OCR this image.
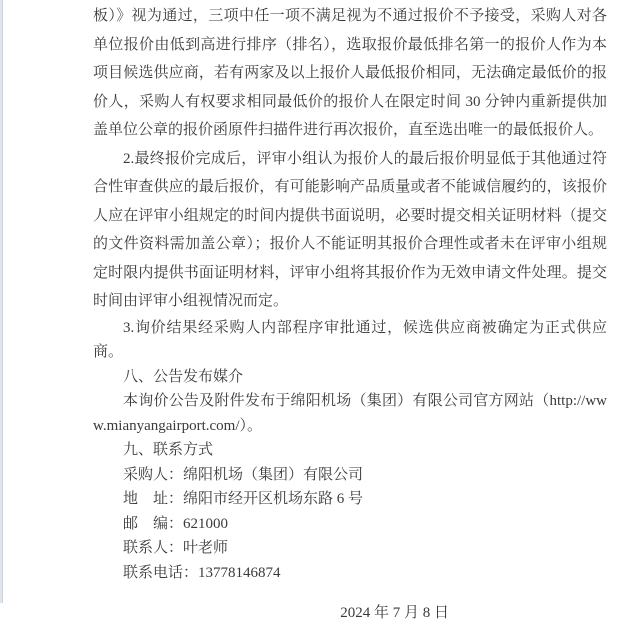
板）》视为通过，三项中任一项不满足视为不通过报价不予接受，采购人对各单位报价由低到高进行排序（排名），选取报价最低排名第一的报价人作为本项目候选供应商，若有两家及以上报价人最低报价相同，无法确定最低价的报价人，采购人有权要求相同最低价的报价人在限定时间 30 分钟内重新提供加盖单位公章的报价函原件扫描件进行再次报价，直至选出唯一的最低报价人。

2.最终报价完成后，评审小组认为报价人的最后报价明显低于其他通过符合性审查供应的最后报价，有可能影响产品质量或者不能诚信履约的，该报价人应在评审小组规定的时间内提供书面说明，必要时提交相关证明材料（提交的文件资料需加盖公章）；报价人不能证明其报价合理性或者未在评审小组规定时限内提供书面证明材料，评审小组将其报价作为无效申请文件处理。提交时间由评审小组视情况而定。

3.询价结果经采购人内部程序审批通过，候选供应商被确定为正式供应商。

八、公告发布媒介

本询价公告及附件发布于绵阳机场（集团）有限公司官方网站（http://www.mianyangairport.com/）。

九、联系方式

采购人：绵阳机场（集团）有限公司

地　址：绵阳市经开区机场东路 6 号

邮　编：621000

联系人：叶老师

联系电话：13778146874

2024 年 7 月 8 日
